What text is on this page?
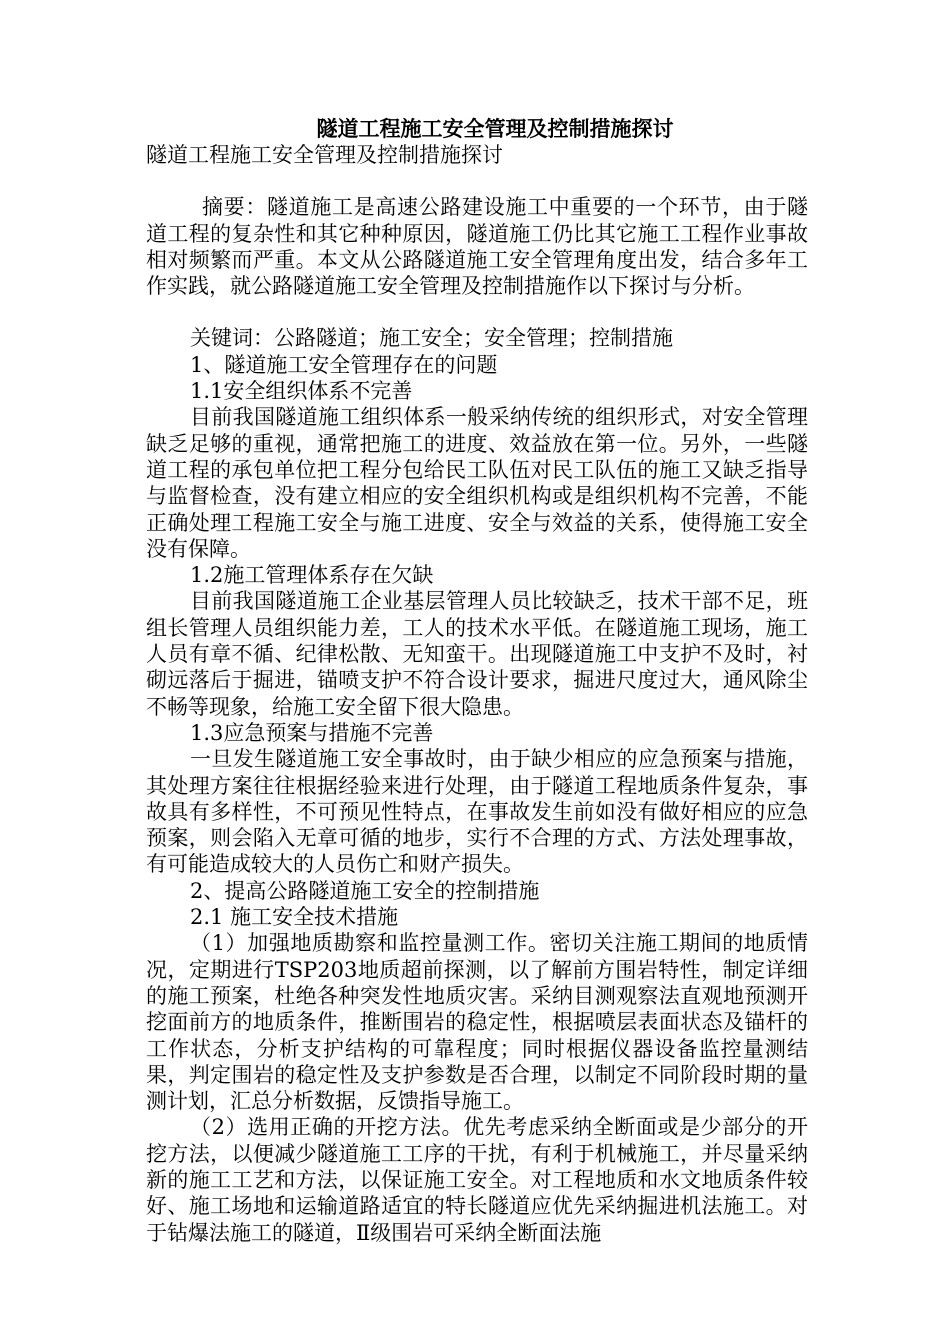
隧道工程施工安全管理及控制措施探讨

隧道工程施工安全管理及控制措施探讨

摘要：隧道施工是高速公路建设施工中重要的一个环节，由于隧道工程的复杂性和其它种种原因，隧道施工仍比其它施工工程作业事故相对频繁而严重。本文从公路隧道施工安全管理角度出发，结合多年工作实践，就公路隧道施工安全管理及控制措施作以下探讨与分析。

关键词：公路隧道；施工安全；安全管理；控制措施

1、隧道施工安全管理存在的问题

1.1安全组织体系不完善

目前我国隧道施工组织体系一般采纳传统的组织形式，对安全管理缺乏足够的重视，通常把施工的进度、效益放在第一位。另外，一些隧道工程的承包单位把工程分包给民工队伍对民工队伍的施工又缺乏指导与监督检查，没有建立相应的安全组织机构或是组织机构不完善，不能正确处理工程施工安全与施工进度、安全与效益的关系，使得施工安全没有保障。

1.2施工管理体系存在欠缺

目前我国隧道施工企业基层管理人员比较缺乏，技术干部不足，班组长管理人员组织能力差，工人的技术水平低。在隧道施工现场，施工人员有章不循、纪律松散、无知蛮干。出现隧道施工中支护不及时，衬砌远落后于掘进，锚喷支护不符合设计要求，掘进尺度过大，通风除尘不畅等现象，给施工安全留下很大隐患。

1.3应急预案与措施不完善

一旦发生隧道施工安全事故时，由于缺少相应的应急预案与措施，其处理方案往往根据经验来进行处理，由于隧道工程地质条件复杂，事故具有多样性，不可预见性特点，在事故发生前如没有做好相应的应急预案，则会陷入无章可循的地步，实行不合理的方式、方法处理事故，有可能造成较大的人员伤亡和财产损失。

2、提高公路隧道施工安全的控制措施

2.1 施工安全技术措施

（1）加强地质勘察和监控量测工作。密切关注施工期间的地质情况，定期进行TSP203地质超前探测，以了解前方围岩特性，制定详细的施工预案，杜绝各种突发性地质灾害。采纳目测观察法直观地预测开挖面前方的地质条件，推断围岩的稳定性，根据喷层表面状态及锚杆的工作状态，分析支护结构的可靠程度；同时根据仪器设备监控量测结果，判定围岩的稳定性及支护参数是否合理，以制定不同阶段时期的量测计划，汇总分析数据，反馈指导施工。

（2）选用正确的开挖方法。优先考虑采纳全断面或是少部分的开挖方法，以便减少隧道施工工序的干扰，有利于机械施工，并尽量采纳新的施工工艺和方法，以保证施工安全。对工程地质和水文地质条件较好、施工场地和运输道路适宜的特长隧道应优先采纳掘进机法施工。对于钻爆法施工的隧道，Ⅱ级围岩可采纳全断面法施
